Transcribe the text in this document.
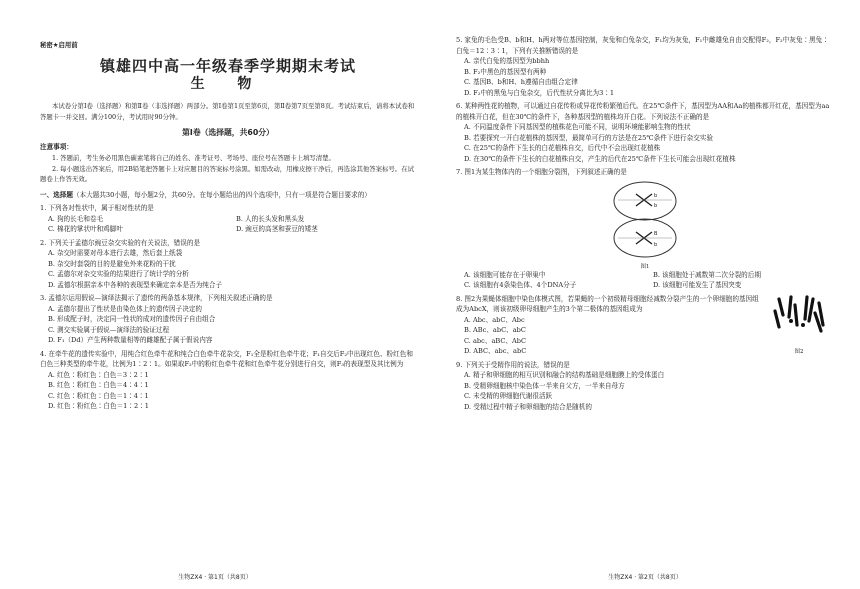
秘密★启用前
镇雄四中高一年级春季学期期末考试
生 物
本试卷分第Ⅰ卷（选择题）和第Ⅱ卷（非选择题）两部分。第Ⅰ卷第1页至第6页，第Ⅱ卷第7页至第8页。考试结束后，请将本试卷和答题卡一并交回。满分100分，考试用时90分钟。
第Ⅰ卷（选择题，共60分）
注意事项：
1. 答题前，考生务必用黑色碳素笔将自己的姓名、准考证号、考场号、座位号在答题卡上填写清楚。
2. 每小题选出答案后，用2B铅笔把答题卡上对应题目的答案标号涂黑。如需改动，用橡皮擦干净后，再选涂其他答案标号。在试题卷上作答无效。
一、选择题（本大题共30小题，每小题2分，共60分。在每小题给出的四个选项中，只有一项是符合题目要求的）
1. 下列各对性状中，属于相对性状的是
A. 狗的长毛和卷毛	B. 人的长头发和黑头发
C. 棉花的掌状叶和鸡脚叶	D. 豌豆的高茎和蚕豆的矮茎
2. 下列关于孟德尔豌豆杂交实验的有关说法，错误的是
A. 杂交时需要对母本进行去雄，然后套上纸袋
B. 杂交时套袋的目的是避免外来花粉的干扰
C. 孟德尔对杂交实验的结果进行了统计学的分析
D. 孟德尔根据亲本中各种的表现型来确定亲本是否为纯合子
3. 孟德尔运用假说—演绎法揭示了遗传的两条基本规律，下列相关叙述正确的是
A. 孟德尔提出了性状是由染色体上的遗传因子决定的
B. 形成配子时，决定同一性状的成对的遗传因子自由组合
C. 测交实验属于假说—演绎法的验证过程
D. F₁（Dd）产生两种数量相等的雌雄配子属于假说内容
4. 在牵牛花的遗传实验中，用纯合红色牵牛花和纯合白色牵牛花杂交，F₁全是粉红色牵牛花；F₁自交后F₂中出现红色、粉红色和白色三种类型的牵牛花，比例为1∶2∶1。如果取F₂中的粉红色牵牛花和红色牵牛花分别进行自交，则F₃的表现型及其比例为
A. 红色∶粉红色∶白色＝3∶2∶1
B. 红色∶粉红色∶白色＝4∶4∶1
C. 红色∶粉红色∶白色＝1∶4∶1
D. 红色∶粉红色∶白色＝1∶2∶1
生物ZX4 · 第1页（共8页）
5. 家兔的毛色受B、b和H、h两对等位基因控制，灰兔和白兔杂交，F₁均为灰兔，F₁中雌雄兔自由交配得F₂，F₂中灰兔∶黑兔∶白兔＝12∶3∶1，下列有关推断错误的是
A. 亲代白兔的基因型为bbhh
B. F₂中黑色的基因型有两种
C. 基因B、b和H、h遵循自由组合定律
D. F₂中的黑兔与白兔杂交，后代性状分离比为3∶1
6. 某种两性花的植物，可以通过自花传粉或异花传粉繁殖后代。在25℃条件下，基因型为AA和Aa的植株都开红花，基因型为aa的植株开白花，但在30℃的条件下，各种基因型的植株均开白花。下列说法不正确的是
A. 不同温度条件下同基因型的植株花色可能不同，说明环境能影响生物的性状
B. 若要探究一开白花植株的基因型，最简单可行的方法是在25℃条件下进行杂交实验
C. 在25℃的条件下生长的白花植株自交，后代中不会出现红花植株
D. 在30℃的条件下生长的白花植株自交，产生的后代在25℃条件下生长可能会出现红花植株
7. 图1为某生物体内的一个细胞分裂图，下列叙述正确的是
b
b
B
b
图1
A. 该细胞可能存在于卵巢中	B. 该细胞处于减数第二次分裂的后期
C. 该细胞有4条染色体、4个DNA分子	D. 该细胞可能发生了基因突变
8. 图2为果蝇体细胞中染色体模式图，若果蝇的一个初级精母细胞经减数分裂产生的一个卵细胞的基因组成为AbcX，则该初级卵母细胞产生的3个第二极体的基因组成为
A. Abc、abC、Abc
B. ABc、abC、abC
C. abc、aBC、AbC
D. ABC、abc、abC	图2
9. 下列关于受精作用的说法，错误的是
A. 精子和卵细胞的相互识别和融合的结构基础是细胞膜上的受体蛋白
B. 受精卵细胞核中染色体一半来自父方，一半来自母方
C. 未受精的卵细胞代谢很活跃
D. 受精过程中精子和卵细胞的结合是随机的
生物ZX4 · 第2页（共8页）
